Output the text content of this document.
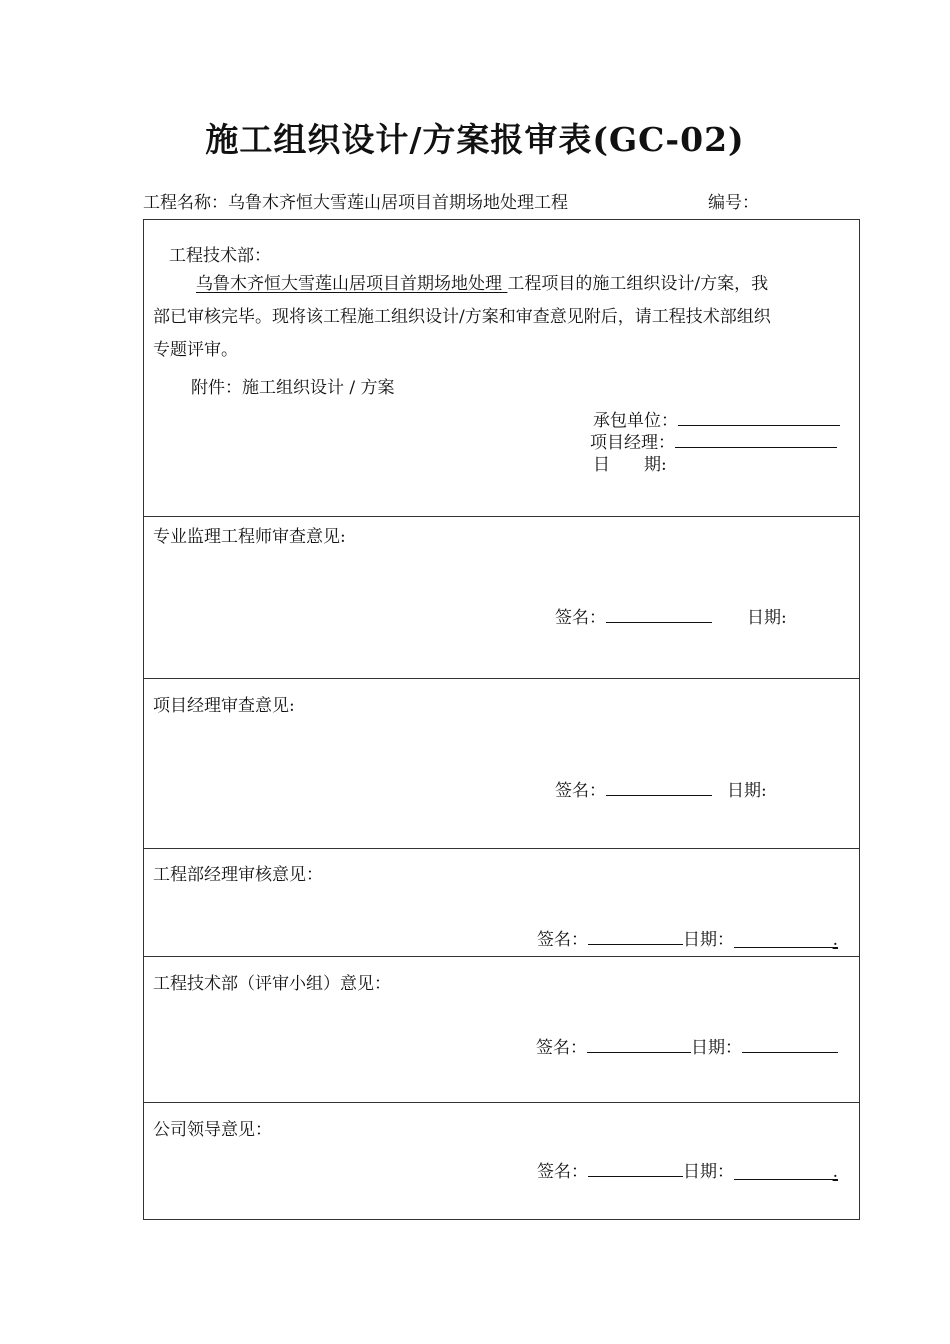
施工组织设计/方案报审表(GC-02)
工程名称：乌鲁木齐恒大雪莲山居项目首期场地处理工程	编号：
工程技术部：
乌鲁木齐恒大雪莲山居项目首期场地处理 工程项目的施工组织设计/方案，我
部已审核完毕。现将该工程施工组织设计/方案和审查意见附后，请工程技术部组织
专题评审。
附件：施工组织设计 / 方案
承包单位：
项目经理：
日　　期:
专业监理工程师审查意见:
签名：	日期:
项目经理审查意见:
签名：	日期:
工程部经理审核意见：
签名：	日期：	.
工程技术部（评审小组）意见：
签名：	日期：
公司领导意见：
签名：	日期：	.
